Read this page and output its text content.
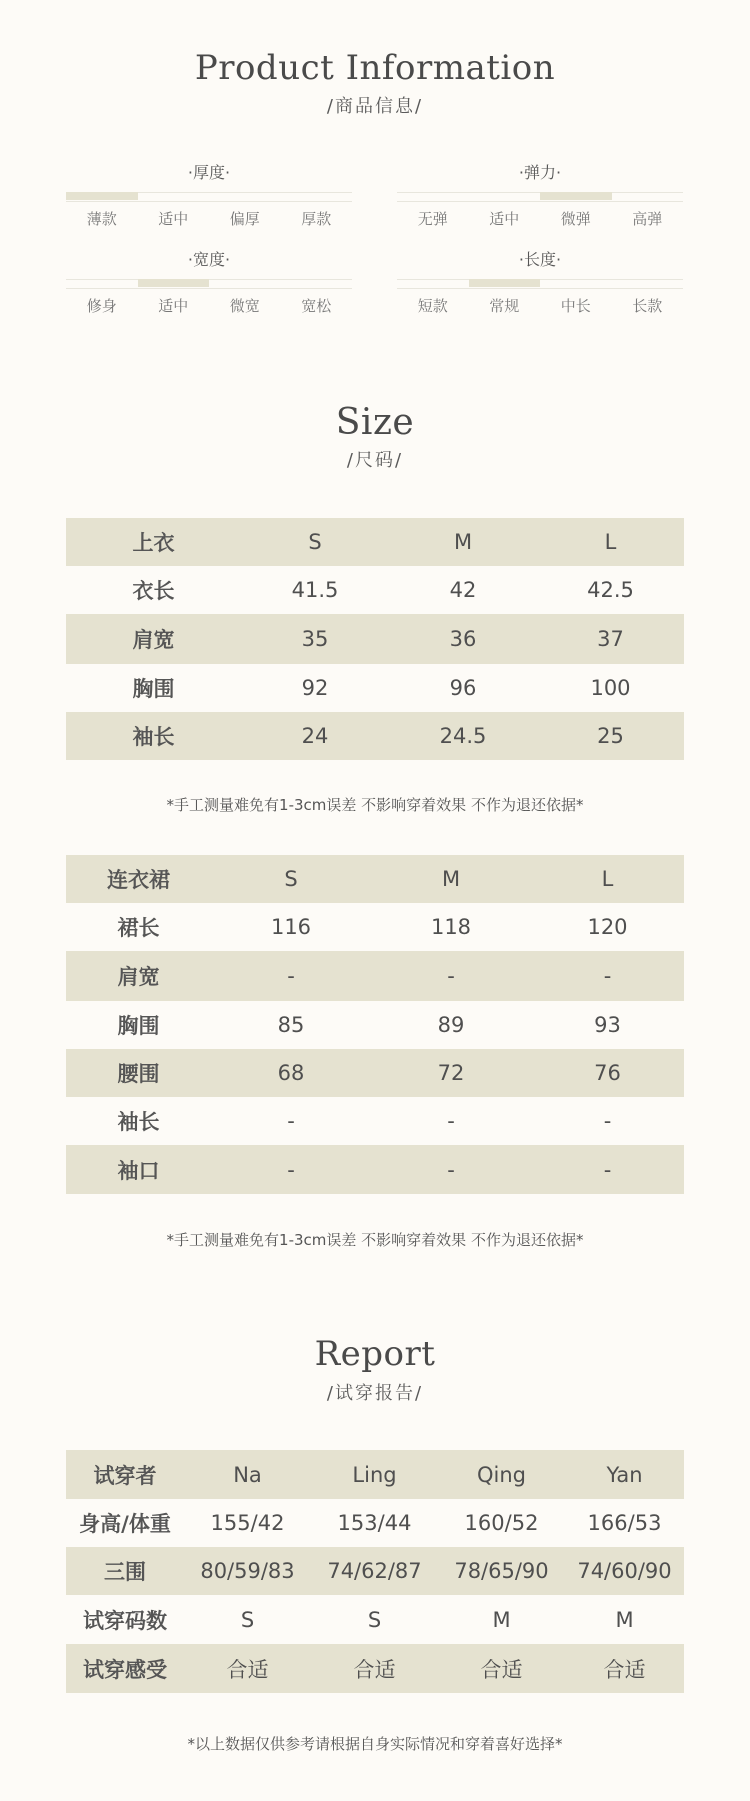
Product Information
/商品信息/
·厚度·
薄款	适中	偏厚	厚款
·弹力·
无弹	适中	微弹	高弹
·宽度·
修身	适中	微宽	宽松
·长度·
短款	常规	中长	长款
Size
/尺码/
上衣	S	M	L
衣长	41.5	42	42.5
肩宽	35	36	37
胸围	92	96	100
袖长	24	24.5	25
*手工测量难免有1-3cm误差 不影响穿着效果 不作为退还依据*
连衣裙	S	M	L
裙长	116	118	120
肩宽	-	-	-
胸围	85	89	93
腰围	68	72	76
袖长	-	-	-
袖口	-	-	-
*手工测量难免有1-3cm误差 不影响穿着效果 不作为退还依据*
Report
/试穿报告/
试穿者	Na	Ling	Qing	Yan
身高/体重	155/42	153/44	160/52	166/53
三围	80/59/83	74/62/87	78/65/90	74/60/90
试穿码数	S	S	M	M
试穿感受	合适	合适	合适	合适
*以上数据仅供参考请根据自身实际情况和穿着喜好选择*
